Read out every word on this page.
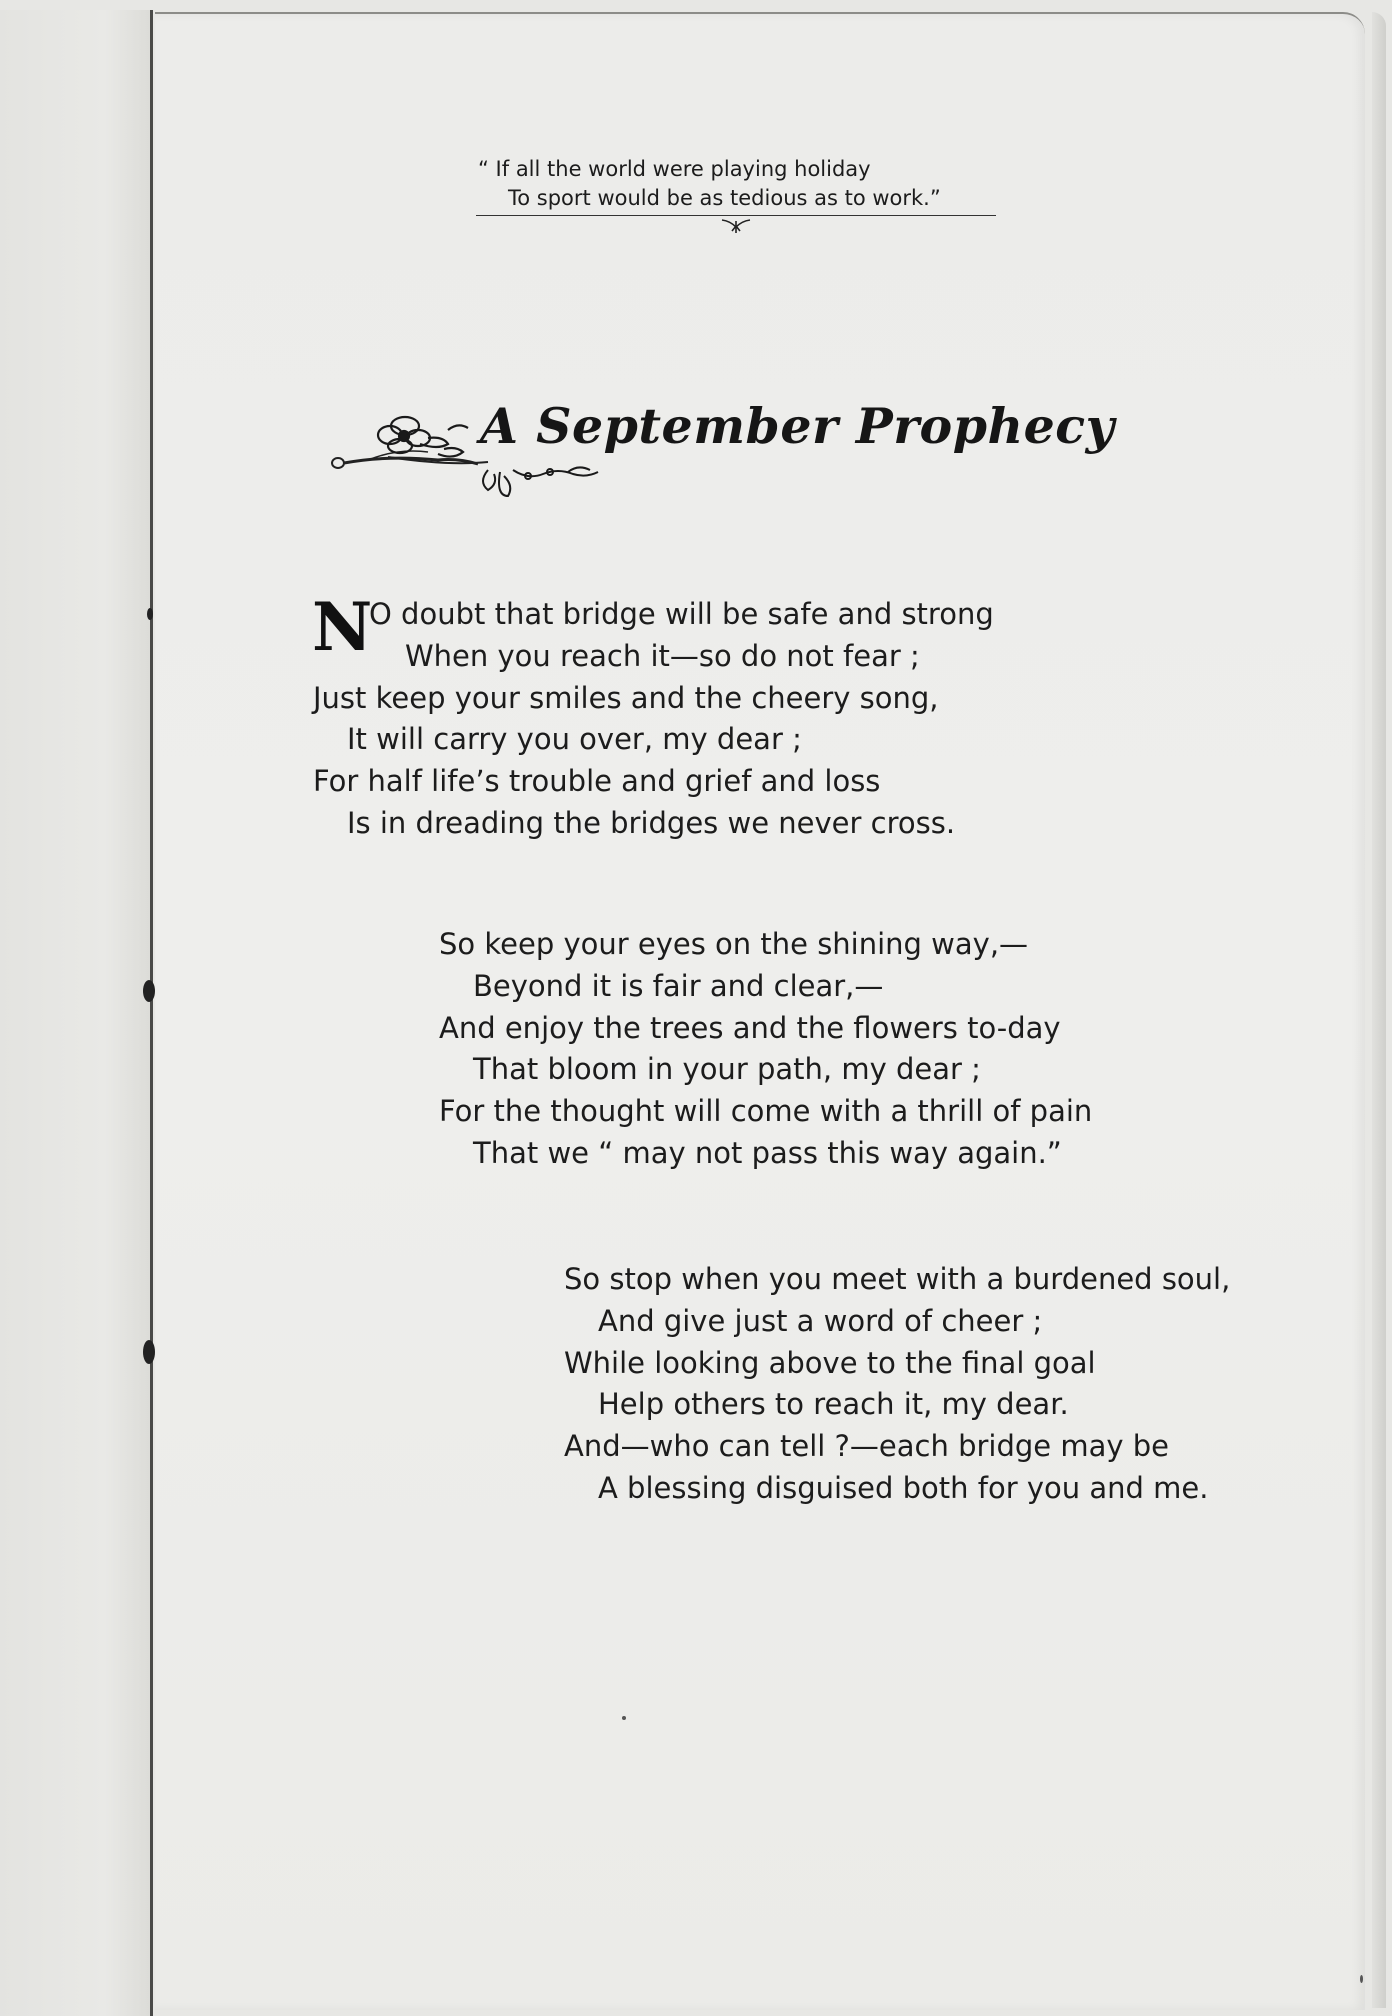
“ If all the world were playing holiday
To sport would be as tedious as to work.”
A September Prophecy
N
O doubt that bridge will be safe and strong
When you reach it—so do not fear ;
Just keep your smiles and the cheery song,
It will carry you over, my dear ;
For half life’s trouble and grief and loss
Is in dreading the bridges we never cross.
So keep your eyes on the shining way,—
Beyond it is fair and clear,—
And enjoy the trees and the flowers to-day
That bloom in your path, my dear ;
For the thought will come with a thrill of pain
That we “ may not pass this way again.”
So stop when you meet with a burdened soul,
And give just a word of cheer ;
While looking above to the final goal
Help others to reach it, my dear.
And—who can tell ?—each bridge may be
A blessing disguised both for you and me.
